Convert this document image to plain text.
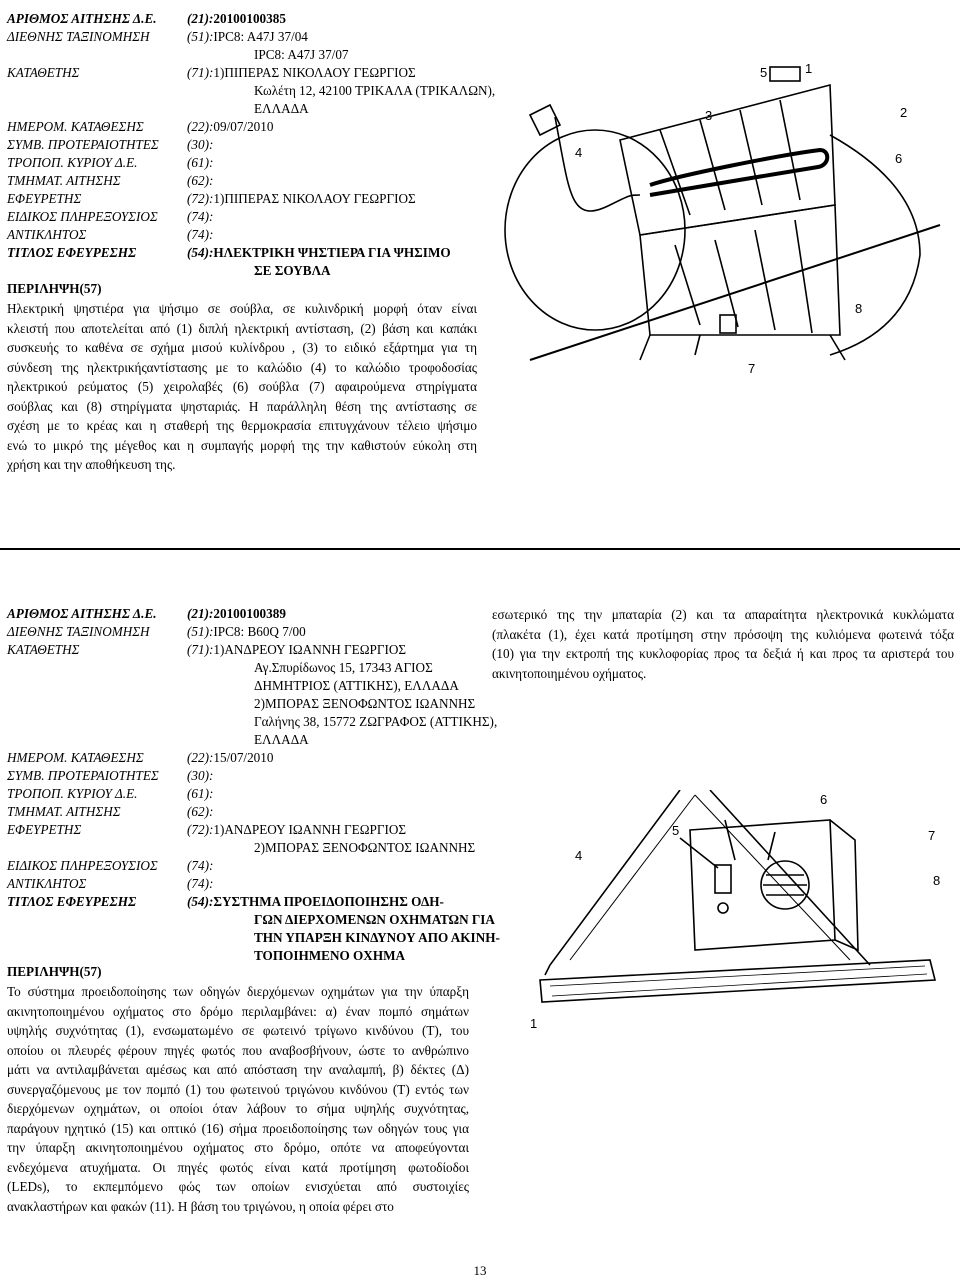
ΑΡΙΘΜΟΣ ΑΙΤΗΣΗΣ Δ.Ε. (21):20100100385
ΔΙΕΘΝΗΣ ΤΑΞΙΝΟΜΗΣΗ	(51):IPC8: A47J 37/04
IPC8: A47J 37/07
ΚΑΤΑΘΕΤΗΣ	(71):1)ΠΙΠΕΡΑΣ ΝΙΚΟΛΑΟΥ ΓΕΩΡΓΙΟΣ
Κωλέτη 12, 42100 ΤΡΙΚΑΛΑ (ΤΡΙΚΑΛΩΝ),
ΕΛΛΑΔΑ
ΗΜΕΡΟΜ. ΚΑΤΑΘΕΣΗΣ	(22):09/07/2010
ΣΥΜΒ. ΠΡΟΤΕΡΑΙΟΤΗΤΕΣ (30):
ΤΡΟΠΟΠ. ΚΥΡΙΟΥ Δ.Ε.	(61):
ΤΜΗΜΑΤ. ΑΙΤΗΣΗΣ	(62):
ΕΦΕΥΡΕΤΗΣ	(72):1)ΠΙΠΕΡΑΣ ΝΙΚΟΛΑΟΥ ΓΕΩΡΓΙΟΣ
ΕΙΔΙΚΟΣ ΠΛΗΡΕΞΟΥΣΙΟΣ (74):
ΑΝΤΙΚΛΗΤΟΣ	(74):
ΤΙΤΛΟΣ ΕΦΕΥΡΕΣΗΣ	(54):ΗΛΕΚΤΡΙΚΗ ΨΗΣΤΙΕΡΑ ΓΙΑ ΨΗΣΙΜΟ
ΣΕ ΣΟΥΒΛΑ
ΠΕΡΙΛΗΨΗ(57)
Ηλεκτρική ψηστιέρα για ψήσιμο σε σούβλα, σε κυλινδρική μορφή όταν είναι
κλειστή που αποτελείται από (1) διπλή ηλεκτρική αντίσταση, (2) βάση και καπάκι
συσκευής το καθένα σε σχήμα μισού κυλίνδρου , (3) το ειδικό εξάρτημα για τη
σύνδεση της ηλεκτρικήςαντίστασης με το καλώδιο (4) το καλώδιο τροφοδοσίας
ηλεκτρικού ρεύματος (5) χειρολαβές (6) σούβλα (7) αφαιρούμενα στηρίγματα
σούβλας και (8) στηρίγματα ψησταριάς. Η παράλληλη θέση της αντίστασης σε
σχέση με το κρέας και η σταθερή της θερμοκρασία επιτυγχάνουν τέλειο ψήσιμο
ενώ το μικρό της μέγεθος και η συμπαγής μορφή της την καθιστούν εύκολη στη
χρήση και την αποθήκευση της.
5	1
2
3
4	6
8
7
ΑΡΙΘΜΟΣ ΑΙΤΗΣΗΣ Δ.Ε. (21):20100100389
ΔΙΕΘΝΗΣ ΤΑΞΙΝΟΜΗΣΗ	(51):IPC8: B60Q 7/00
ΚΑΤΑΘΕΤΗΣ	(71):1)ΑΝΔΡΕΟΥ ΙΩΑΝΝΗ ΓΕΩΡΓΙΟΣ
Αγ.Σπυρίδωνος 15, 17343 ΑΓΙΟΣ
ΔΗΜΗΤΡΙΟΣ (ΑΤΤΙΚΗΣ), ΕΛΛΑΔΑ
2)ΜΠΟΡΑΣ ΞΕΝΟΦΩΝΤΟΣ ΙΩΑΝΝΗΣ
Γαλήνης 38, 15772 ΖΩΓΡΑΦΟΣ (ΑΤΤΙΚΗΣ),
ΕΛΛΑΔΑ
ΗΜΕΡΟΜ. ΚΑΤΑΘΕΣΗΣ	(22):15/07/2010
ΣΥΜΒ. ΠΡΟΤΕΡΑΙΟΤΗΤΕΣ (30):
ΤΡΟΠΟΠ. ΚΥΡΙΟΥ Δ.Ε.	(61):
ΤΜΗΜΑΤ. ΑΙΤΗΣΗΣ	(62):
ΕΦΕΥΡΕΤΗΣ	(72):1)ΑΝΔΡΕΟΥ ΙΩΑΝΝΗ ΓΕΩΡΓΙΟΣ
2)ΜΠΟΡΑΣ ΞΕΝΟΦΩΝΤΟΣ ΙΩΑΝΝΗΣ
ΕΙΔΙΚΟΣ ΠΛΗΡΕΞΟΥΣΙΟΣ (74):
ΑΝΤΙΚΛΗΤΟΣ	(74):
ΤΙΤΛΟΣ ΕΦΕΥΡΕΣΗΣ	(54):ΣΥΣΤΗΜΑ ΠΡΟΕΙΔΟΠΟΙΗΣΗΣ ΟΔΗ-
ΓΩΝ ΔΙΕΡΧΟΜΕΝΩΝ ΟΧΗΜΑΤΩΝ ΓΙΑ
ΤΗΝ ΥΠΑΡΞΗ ΚΙΝΔΥΝΟΥ ΑΠΟ ΑΚΙΝΗ-
ΤΟΠΟΙΗΜΕΝΟ ΟΧΗΜΑ
ΠΕΡΙΛΗΨΗ(57)
Το σύστημα προειδοποίησης των οδηγών διερχόμενων οχημάτων για την ύπαρξη
ακινητοποιημένου οχήματος στο δρόμο περιλαμβάνει: α) έναν πομπό σημάτων
υψηλής συχνότητας (1), ενσωματωμένο σε φωτεινό τρίγωνο κινδύνου (Τ), του
οποίου οι πλευρές φέρουν πηγές φωτός που αναβοσβήνουν, ώστε το ανθρώπινο
μάτι να αντιλαμβάνεται αμέσως και από απόσταση την αναλαμπή, β) δέκτες (Δ)
συνεργαζόμενους με τον πομπό (1) του φωτεινού τριγώνου κινδύνου (Τ) εντός των
διερχόμενων οχημάτων, οι οποίοι όταν λάβουν το σήμα υψηλής συχνότητας,
παράγουν ηχητικό (15) και οπτικό (16) σήμα προειδοποίησης των οδηγών τους για
την ύπαρξη ακινητοποιημένου οχήματος στο δρόμο, οπότε να αποφεύγονται
ενδεχόμενα ατυχήματα. Οι πηγές φωτός είναι κατά προτίμηση φωτοδίοδοι
(LEDs), το εκπεμπόμενο φώς των οποίων ενισχύεται από συστοιχίες
ανακλαστήρων και φακών (11). Η βάση του τριγώνου, η οποία φέρει στο
εσωτερικό της την μπαταρία (2) και τα απαραίτητα ηλεκτρονικά κυκλώματα
(πλακέτα (1), έχει κατά προτίμηση στην πρόσοψη της κυλιόμενα φωτεινά τόξα
(10) για την εκτροπή της κυκλοφορίας προς τα δεξιά ή και προς τα αριστερά του
ακινητοποιημένου οχήματος.
5
6
7
4
8
1
13
